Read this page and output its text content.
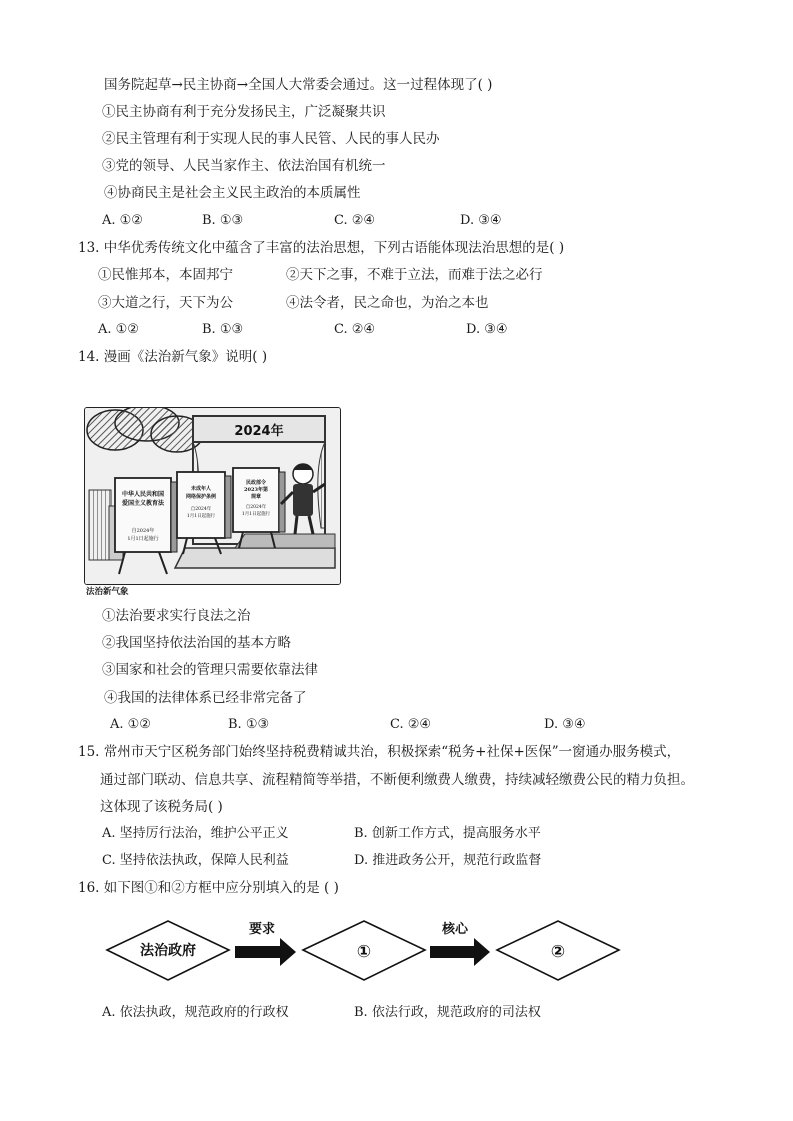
国务院起草→民主协商→全国人大常委会通过。这一过程体现了( )
①民主协商有利于充分发扬民主，广泛凝聚共识
②民主管理有利于实现人民的事人民管、人民的事人民办
③党的领导、人民当家作主、依法治国有机统一
④协商民主是社会主义民主政治的本质属性
A. ①②	B. ①③	C. ②④	D. ③④
13. 中华优秀传统文化中蕴含了丰富的法治思想，下列古语能体现法治思想的是( )
①民惟邦本，本固邦宁	②天下之事，不难于立法，而难于法之必行
③大道之行，天下为公	④法令者，民之命也，为治之本也
A. ①②	B. ①③	C. ②④	D. ③④
14. 漫画《法治新气象》说明( )
2024年
中华人民共和国
爱国主义教育法
自2024年
1月1日起施行
未成年人
网络保护条例
自2024年
1月1日起施行
民政部令
2023年第
规章
自2024年
1月1日起施行
法治新气象
①法治要求实行良法之治
②我国坚持依法治国的基本方略
③国家和社会的管理只需要依靠法律
④我国的法律体系已经非常完备了
A. ①②	B. ①③	C. ②④	D. ③④
15. 常州市天宁区税务部门始终坚持税费精诚共治，积极探索“税务+社保+医保”一窗通办服务模式，
通过部门联动、信息共享、流程精简等举措，不断便利缴费人缴费，持续减轻缴费公民的精力负担。
这体现了该税务局( )
A. 坚持厉行法治，维护公平正义	B. 创新工作方式，提高服务水平
C. 坚持依法执政，保障人民利益	D. 推进政务公开，规范行政监督
16. 如下图①和②方框中应分别填入的是 ( )
法治政府
要求
①
核心
②
A. 依法执政，规范政府的行政权	B. 依法行政，规范政府的司法权
